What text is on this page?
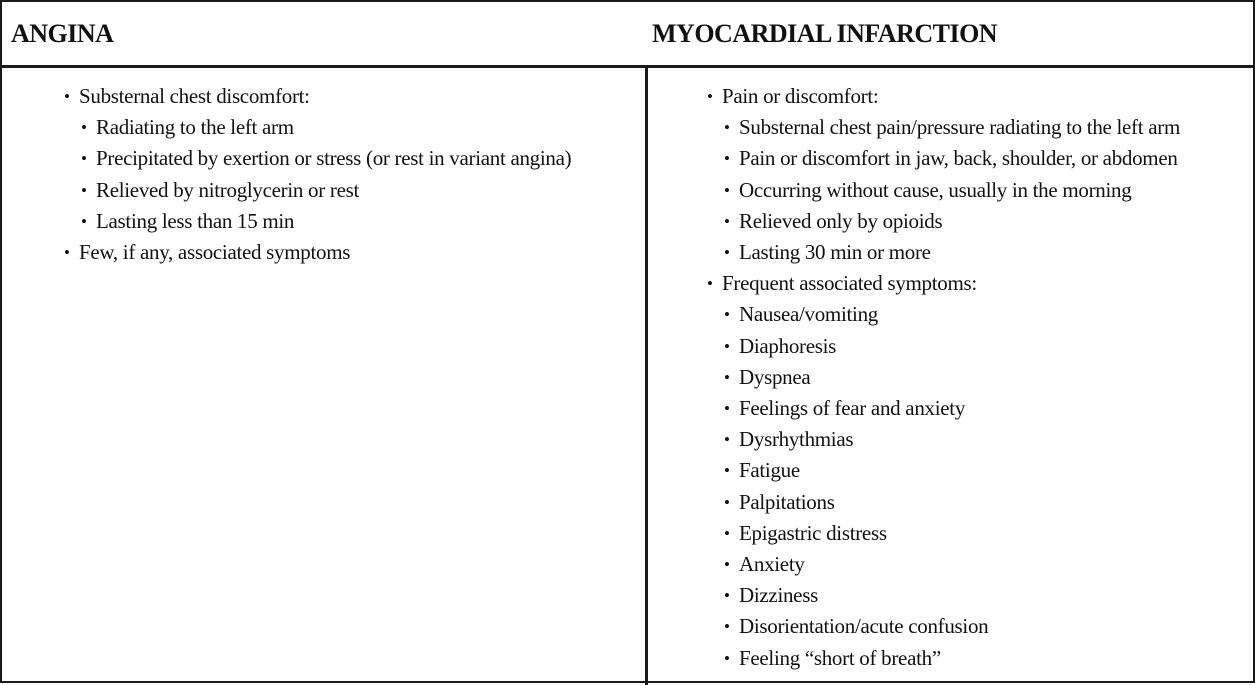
ANGINA	MYOCARDIAL INFARCTION
• Substernal chest discomfort:
• Radiating to the left arm
• Precipitated by exertion or stress (or rest in variant angina)
• Relieved by nitroglycerin or rest
• Lasting less than 15 min
• Few, if any, associated symptoms
• Pain or discomfort:
• Substernal chest pain/pressure radiating to the left arm
• Pain or discomfort in jaw, back, shoulder, or abdomen
• Occurring without cause, usually in the morning
• Relieved only by opioids
• Lasting 30 min or more
• Frequent associated symptoms:
• Nausea/vomiting
• Diaphoresis
• Dyspnea
• Feelings of fear and anxiety
• Dysrhythmias
• Fatigue
• Palpitations
• Epigastric distress
• Anxiety
• Dizziness
• Disorientation/acute confusion
• Feeling “short of breath”
